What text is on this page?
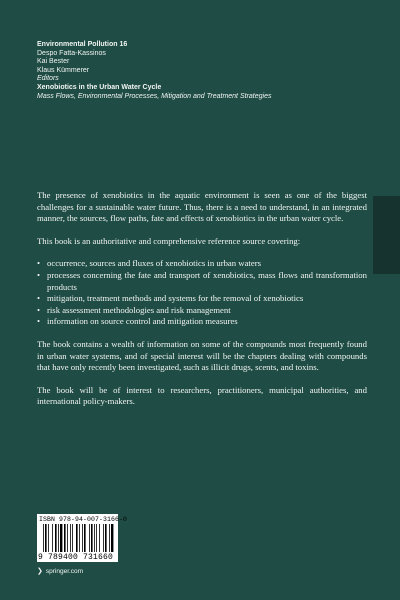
Environmental Pollution 16
Despo Fatta-Kassinos
Kai Bester
Klaus Kümmerer
Editors
Xenobiotics in the Urban Water Cycle
Mass Flows, Environmental Processes, Mitigation and Treatment Strategies

The presence of xenobiotics in the aquatic environment is seen as one of the biggest challenges for a sustainable water future. Thus, there is a need to understand, in an integrated manner, the sources, flow paths, fate and effects of xenobiotics in the urban water cycle.

This book is an authoritative and comprehensive reference source covering:

• occurrence, sources and fluxes of xenobiotics in urban waters
• processes concerning the fate and transport of xenobiotics, mass flows and transformation products
• mitigation, treatment methods and systems for the removal of xenobiotics
• risk assessment methodologies and risk management
• information on source control and mitigation measures

The book contains a wealth of information on some of the compounds most frequently found in urban water systems, and of special interest will be the chapters dealing with compounds that have only recently been investigated, such as illicit drugs, scents, and toxins.

The book will be of interest to researchers, practitioners, municipal authorities, and international policy-makers.

ISBN 978-94-007-3166-0
9 789400 731660
❯ springer.com
